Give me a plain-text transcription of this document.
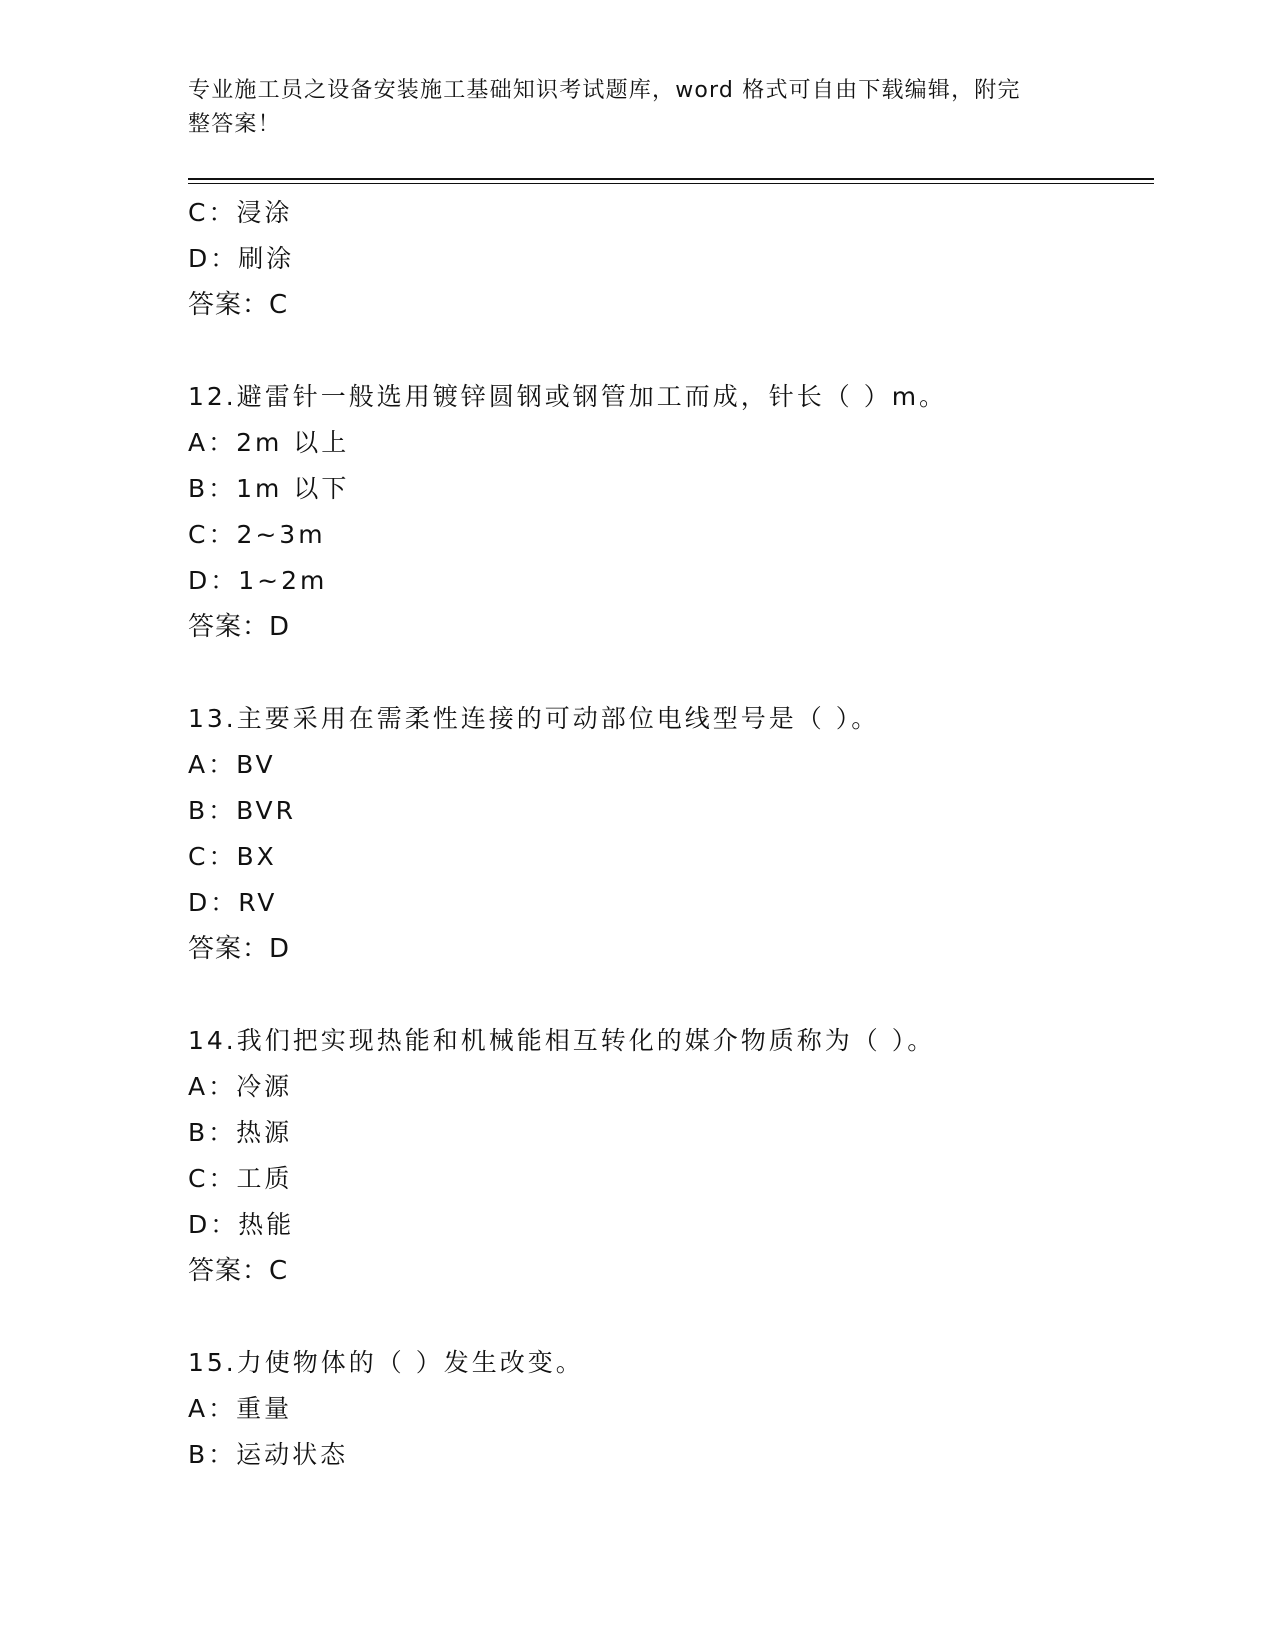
专业施工员之设备安装施工基础知识考试题库，word 格式可自由下载编辑，附完
整答案！
C：浸涂
D：刷涂
答案：C
12.避雷针一般选用镀锌圆钢或钢管加工而成，针长（ ）m。
A：2m 以上
B：1m 以下
C：2~3m
D：1~2m
答案：D
13.主要采用在需柔性连接的可动部位电线型号是（ ）。
A：BV
B：BVR
C：BX
D：RV
答案：D
14.我们把实现热能和机械能相互转化的媒介物质称为（ ）。
A：冷源
B：热源
C：工质
D：热能
答案：C
15.力使物体的（ ）发生改变。
A：重量
B：运动状态
